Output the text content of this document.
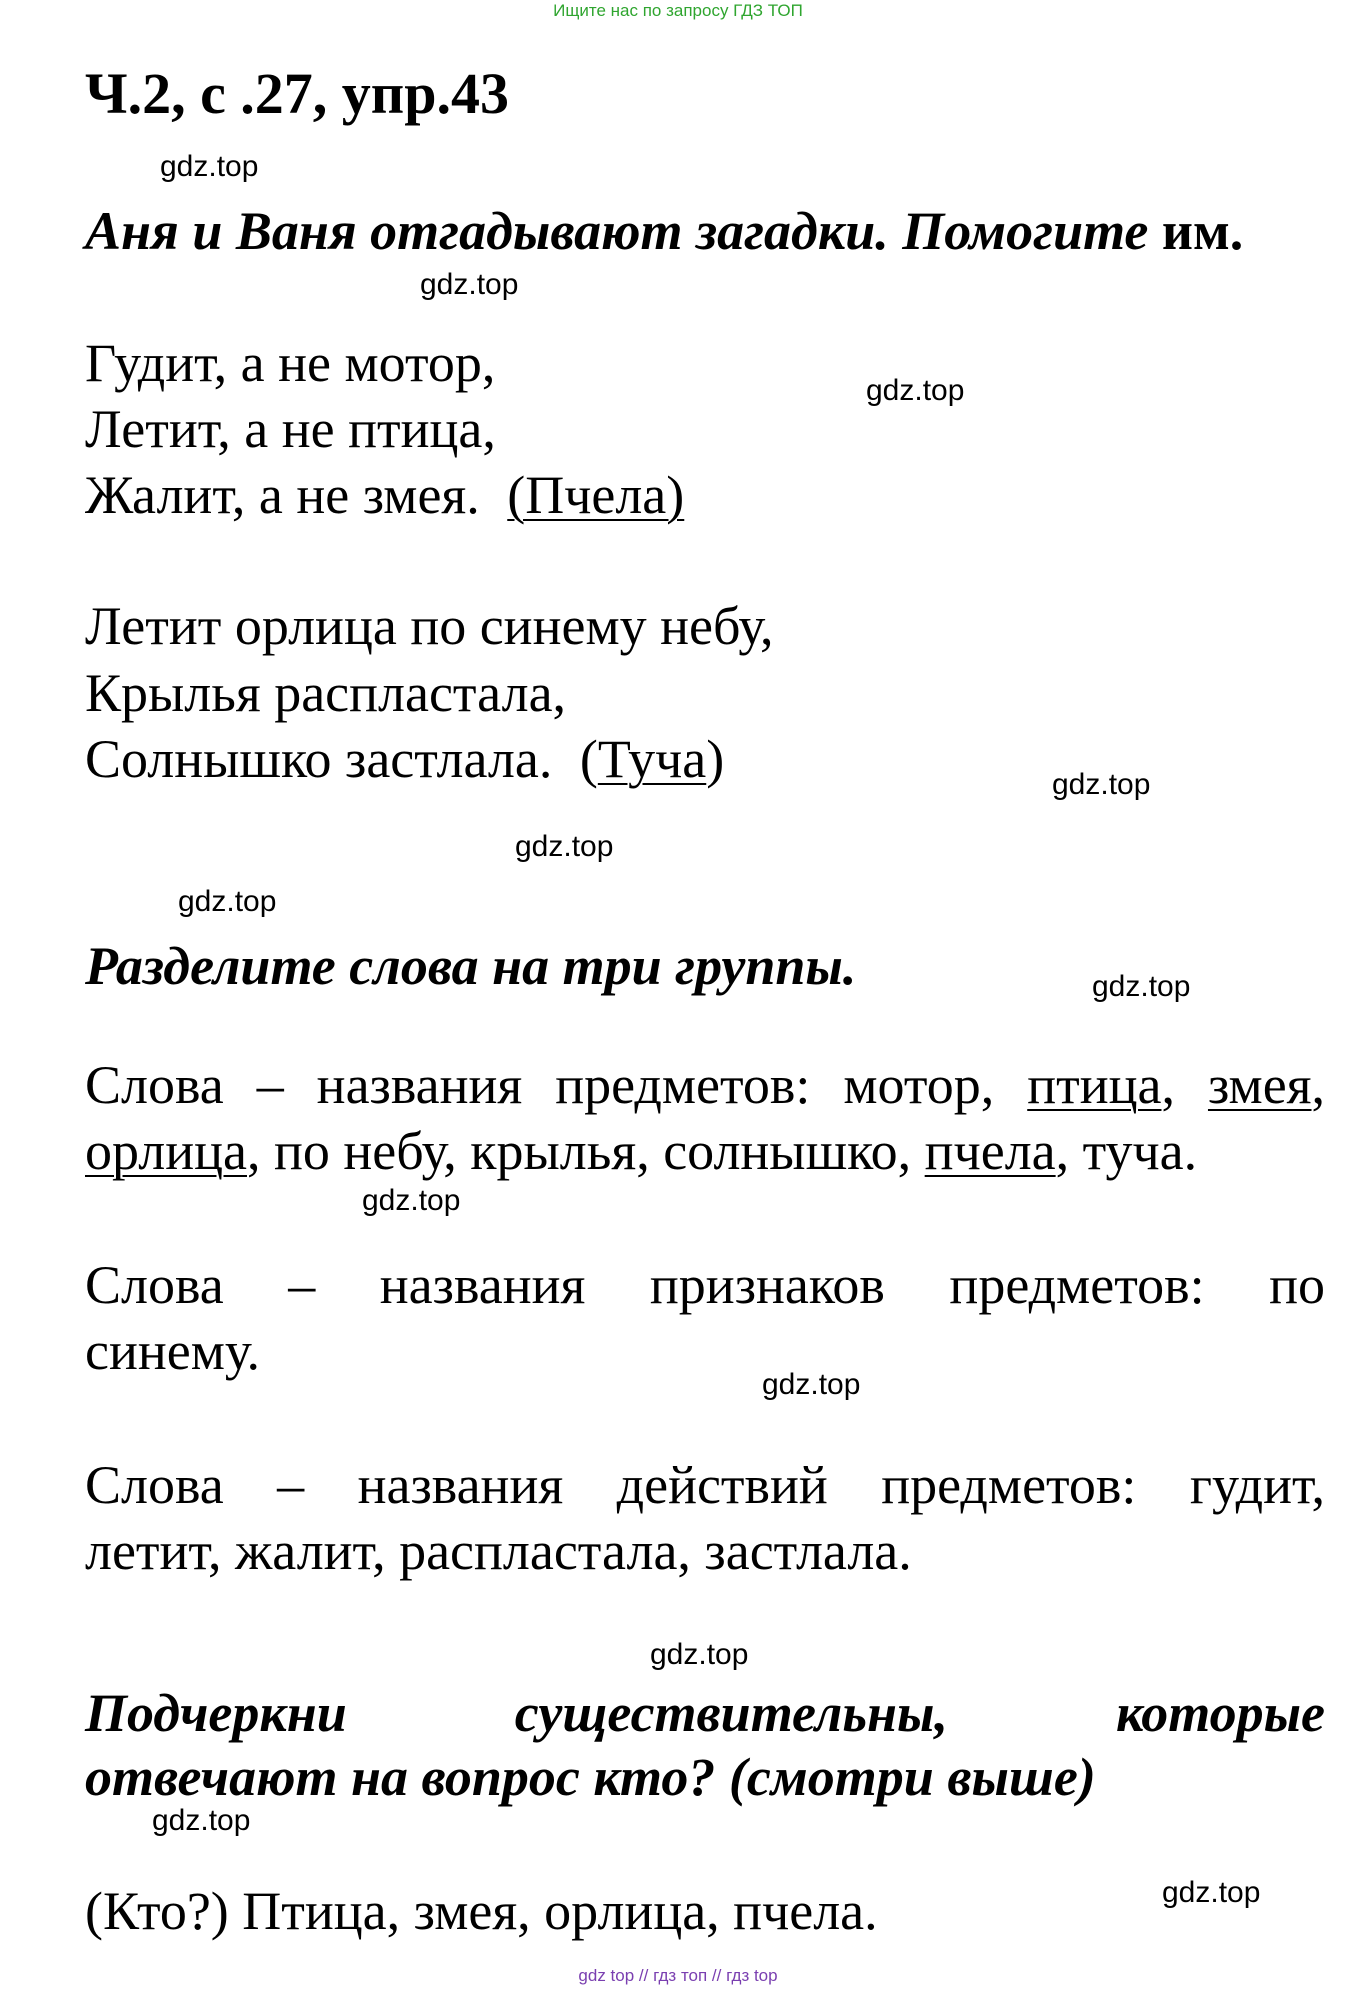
Ищите нас по запросу ГДЗ ТОП
Ч.2, с .27, упр.43
gdz.top
Аня и Ваня отгадывают загадки. Помогите им.
gdz.top
Гудит, а не мотор,	gdz.top
Летит, а не птица,
Жалит, а не змея. (Пчела)
Летит орлица по синему небу,
Крылья распластала,
Солнышко застлала. (Туча)	gdz.top
gdz.top
gdz.top
Разделите слова на три группы.	gdz.top
Слова – названия предметов: мотор, птица, змея,
орлица, по небу, крылья, солнышко, пчела, туча.
gdz.top
Слова – названия признаков предметов: по
синему.
gdz.top
Слова – названия действий предметов: гудит,
летит, жалит, распластала, застлала.
gdz.top
Подчеркни	существительны,	которые
отвечают на вопрос кто? (смотри выше)
gdz.top
gdz.top
(Кто?) Птица, змея, орлица, пчела.
gdz top // гдз топ // гдз top
